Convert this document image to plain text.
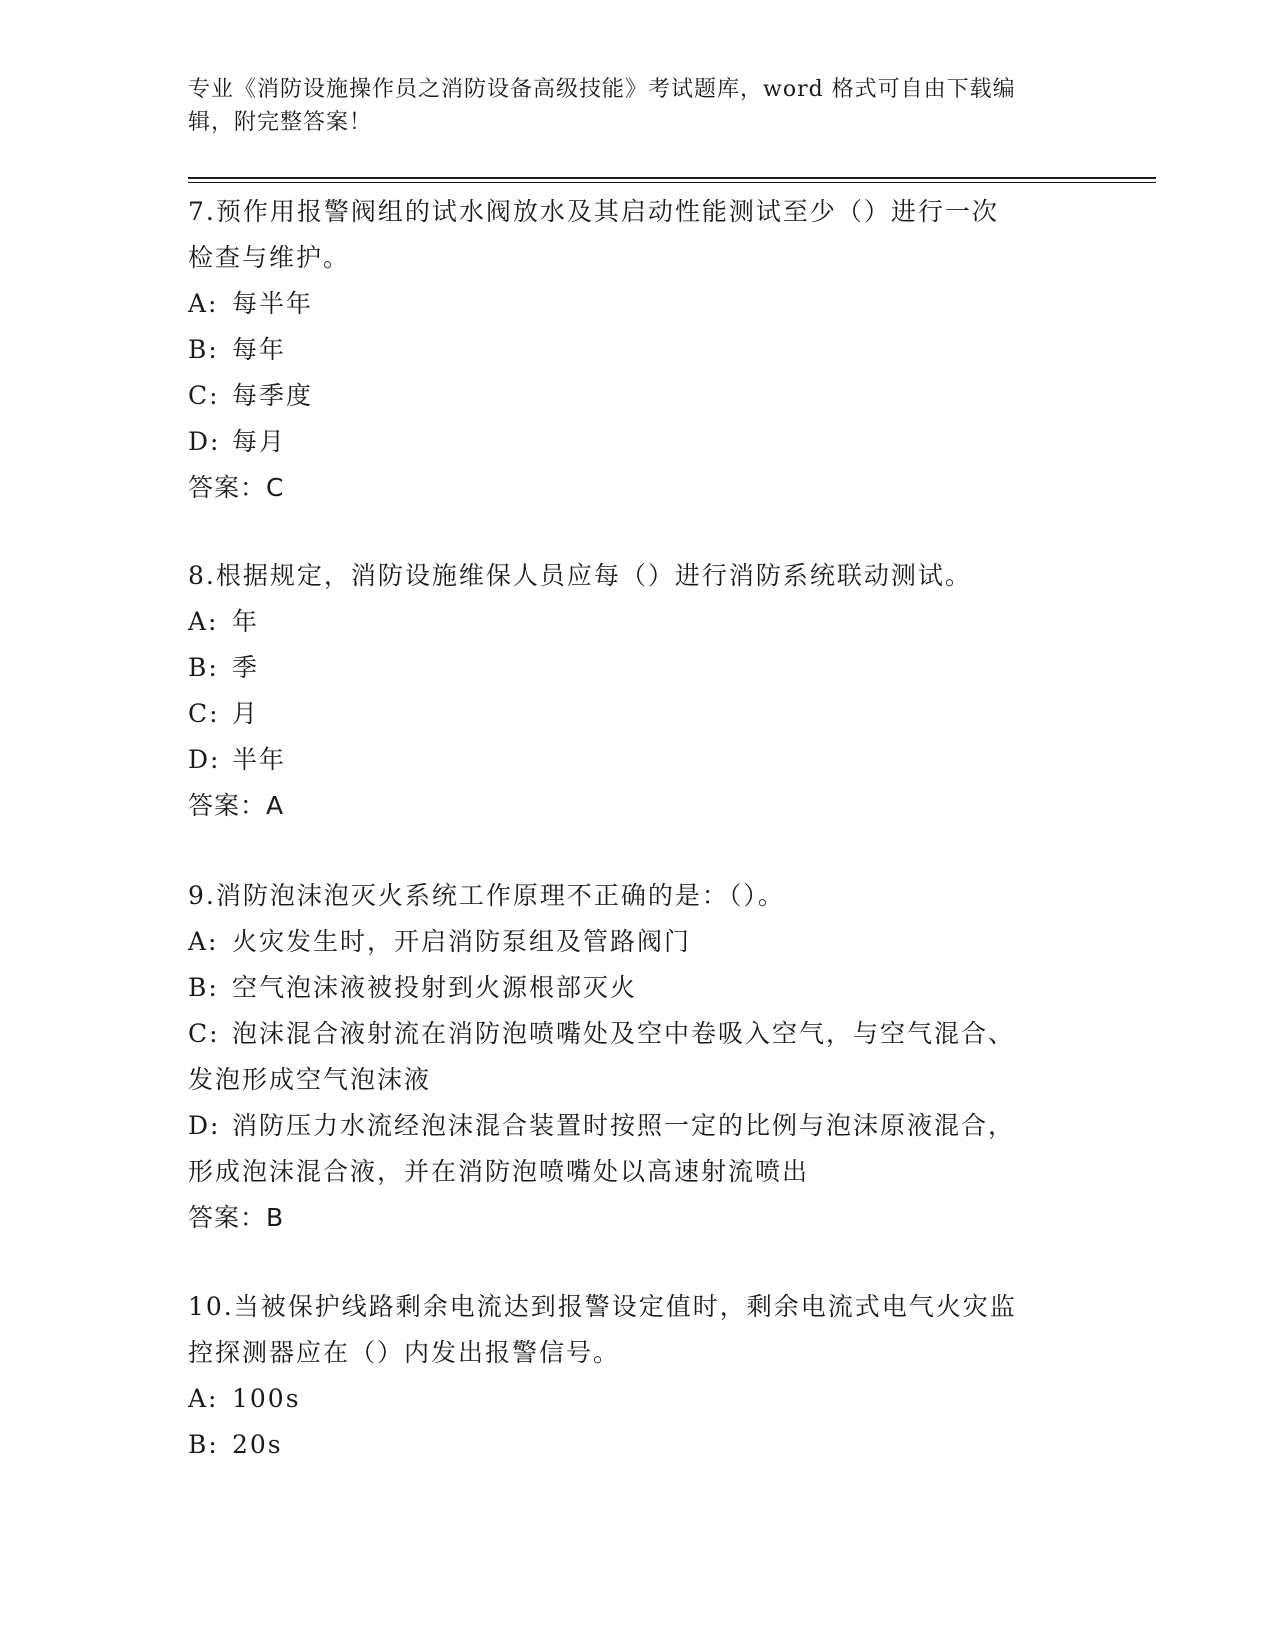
专业《消防设施操作员之消防设备高级技能》考试题库，word 格式可自由下载编
辑，附完整答案！
7.预作用报警阀组的试水阀放水及其启动性能测试至少（）进行一次
检查与维护。
A: 每半年
B: 每年
C: 每季度
D: 每月
答案：C
8.根据规定，消防设施维保人员应每（）进行消防系统联动测试。
A: 年
B: 季
C: 月
D: 半年
答案：A
9.消防泡沫泡灭火系统工作原理不正确的是：（）。
A: 火灾发生时，开启消防泵组及管路阀门
B: 空气泡沫液被投射到火源根部灭火
C: 泡沫混合液射流在消防泡喷嘴处及空中卷吸入空气，与空气混合、
发泡形成空气泡沫液
D: 消防压力水流经泡沫混合装置时按照一定的比例与泡沫原液混合，
形成泡沫混合液，并在消防泡喷嘴处以高速射流喷出
答案：B
10.当被保护线路剩余电流达到报警设定值时，剩余电流式电气火灾监
控探测器应在（）内发出报警信号。
A: 100s
B: 20s
